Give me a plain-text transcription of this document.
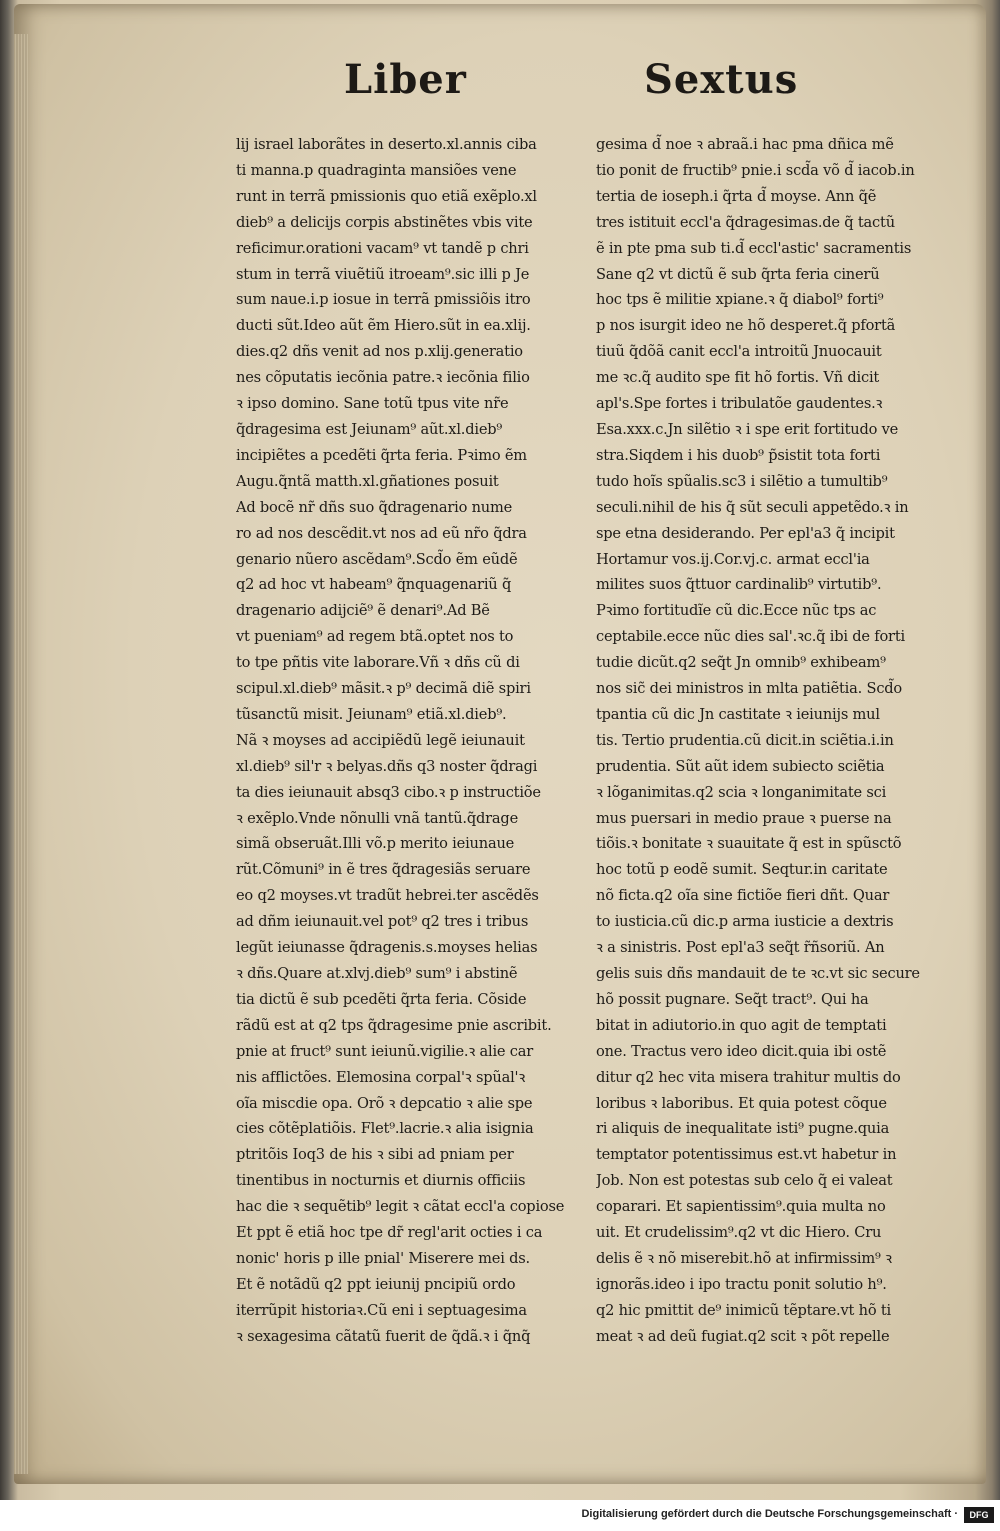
Liber	Sextus
lij israel laborãtes in deserto.xl.annis ciba
ti manna.p quadraginta mansiões vene
runt in terrã pmissionis quo etiã exẽplo.xl
dieb⁹ a delicijs corpis abstinẽtes vbis vite
reficimur.orationi vacam⁹ vt tandẽ p chri
stum in terrã viuẽtiũ itroeam⁹.sic illi p Je
sum naue.i.p iosue in terrã pmissiõis itro
ducti sũt.Ideo aũt ẽm Hiero.sũt in ea.xlij.
dies.q2 dñs venit ad nos p.xlij.generatio
nes cõputatis iecõnia patre.ꝛ iecõnia filio
ꝛ ipso domino. Sane totũ tpus vite nr̃e
q̃dragesima est Jeiunam⁹ aũt.xl.dieb⁹
incipiẽtes a pcedẽti q̃rta feria. Pꝛimo ẽm
Augu.q̃ntã matth.xl.gñationes posuit
Ad bocẽ nr̃ dñs suo q̃dragenario nume
ro ad nos descẽdit.vt nos ad eũ nr̃o q̃dra
genario nũero ascẽdam⁹.Scd̃o ẽm eũdẽ
q2 ad hoc vt habeam⁹ q̃nquagenariũ q̃
dragenario adijciẽ⁹ ẽ denari⁹.Ad Bẽ
vt pueniam⁹ ad regem btã.optet nos to
to tpe pñtis vite laborare.Vñ ꝛ dñs cũ di
scipul.xl.dieb⁹ mãsit.ꝛ p⁹ decimã diẽ spiri
tũsanctũ misit. Jeiunam⁹ etiã.xl.dieb⁹.
Nã ꝛ moyses ad accipiẽdũ legẽ ieiunauit
xl.dieb⁹ sil'r ꝛ belyas.dñs q3 noster q̃dragi
ta dies ieiunauit absq3 cibo.ꝛ p instructiõe
ꝛ exẽplo.Vnde nõnulli vnã tantũ.q̃drage
simã obseruãt.Illi võ.p merito ieiunaue
rũt.Cõmuni⁹ in ẽ tres q̃dragesiãs seruare
eo q2 moyses.vt tradũt hebrei.ter ascẽdẽs
ad dñm ieiunauit.vel pot⁹ q2 tres i tribus
legũt ieiunasse q̃dragenis.s.moyses helias
ꝛ dñs.Quare at.xlvj.dieb⁹ sum⁹ i abstinẽ
tia dictũ ẽ sub pcedẽti q̃rta feria. Cõside
rãdũ est at q2 tps q̃dragesime pnie ascribit.
pnie at fruct⁹ sunt ieiunũ.vigilie.ꝛ alie car
nis afflictões. Elemosina corpal'ꝛ spũal'ꝛ
oĩa miscdie opa. Orõ ꝛ depcatio ꝛ alie spe
cies cõtẽplatiõis. Flet⁹.lacrie.ꝛ alia isignia
ptritõis Ioq3 de his ꝛ sibi ad pniam per
tinentibus in nocturnis et diurnis officiis
hac die ꝛ sequẽtib⁹ legit ꝛ cãtat eccl'a copiose
Et ppt ẽ etiã hoc tpe dr̃ regl'arit octies i ca
nonic' horis p ille pnial' Miserere mei ds.
Et ẽ notãdũ q2 ppt ieiunij pncipiũ ordo
iterrũpit historiaꝛ.Cũ eni i septuagesima
ꝛ sexagesima cãtatũ fuerit de q̃dã.ꝛ i q̃nq̃
gesima d̃ noe ꝛ abraã.i hac pma dñica mẽ
tio ponit de fructib⁹ pnie.i scd̃a võ d̃ iacob.in
tertia de ioseph.i q̃rta d̃ moyse. Ann q̃ẽ
tres istituit eccl'a q̃dragesimas.de q̃ tactũ
ẽ in pte pma sub ti.d̃ eccl'astic' sacramentis
Sane q2 vt dictũ ẽ sub q̃rta feria cinerũ
hoc tps ẽ militie xpiane.ꝛ q̃ diabol⁹ forti⁹
p nos isurgit ideo ne hõ desperet.q̃ pfortã
tiuũ q̃dõã canit eccl'a introitũ Jnuocauit
me ꝛc.q̃ audito spe fit hõ fortis. Vñ dicit
apl's.Spe fortes i tribulatõe gaudentes.ꝛ
Esa.xxx.c.Jn silẽtio ꝛ i spe erit fortitudo ve
stra.Siqdem i his duob⁹ p̃sistit tota forti
tudo hoĩs spũalis.sc3 i silẽtio a tumultib⁹
seculi.nihil de his q̃ sũt seculi appetẽdo.ꝛ in
spe etna desiderando. Per epl'a3 q̃ incipit
Hortamur vos.ij.Cor.vj.c. armat eccl'ia
milites suos q̃ttuor cardinalib⁹ virtutib⁹.
Pꝛimo fortitudĩe cũ dic.Ecce nũc tps ac
ceptabile.ecce nũc dies sal'.ꝛc.q̃ ibi de forti
tudie dicũt.q2 seq̃t Jn omnib⁹ exhibeam⁹
nos sic̃ dei ministros in mlta patiẽtia. Scd̃o
tpantia cũ dic Jn castitate ꝛ ieiunijs mul
tis. Tertio prudentia.cũ dicit.in sciẽtia.i.in
prudentia. Sũt aũt idem subiecto sciẽtia
ꝛ lõganimitas.q2 scia ꝛ longanimitate sci
mus puersari in medio praue ꝛ puerse na
tiõis.ꝛ bonitate ꝛ suauitate q̃ est in spũsctõ
hoc totũ p eodẽ sumit. Seqtur.in caritate
nõ ficta.q2 oĩa sine fictiõe fieri dñt. Quar
to iusticia.cũ dic.p arma iusticie a dextris
ꝛ a sinistris. Post epl'a3 seq̃t r̃ñsoriũ. An
gelis suis dñs mandauit de te ꝛc.vt sic secure
hõ possit pugnare. Seq̃t tract⁹. Qui ha
bitat in adiutorio.in quo agit de temptati
one. Tractus vero ideo dicit.quia ibi ostẽ
ditur q2 hec vita misera trahitur multis do
loribus ꝛ laboribus. Et quia potest cõque
ri aliquis de inequalitate isti⁹ pugne.quia
temptator potentissimus est.vt habetur in
Job. Non est potestas sub celo q̃ ei valeat
coparari. Et sapientissim⁹.quia multa no
uit. Et crudelissim⁹.q2 vt dic Hiero. Cru
delis ẽ ꝛ nõ miserebit.hõ at infirmissim⁹ ꝛ
ignorãs.ideo i ipo tractu ponit solutio h⁹.
q2 hic pmittit de⁹ inimicũ tẽptare.vt hõ ti
meat ꝛ ad deũ fugiat.q2 scit ꝛ põt repelle
Digitalisierung gefördert durch die Deutsche Forschungsgemeinschaft ·	DFG
